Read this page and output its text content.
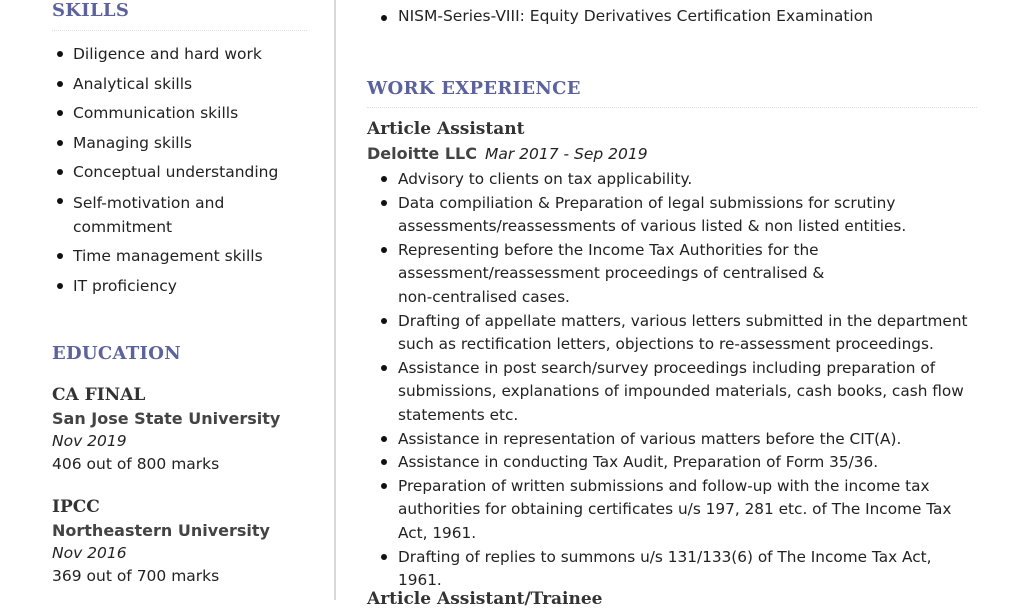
SKILLS
Diligence and hard work
Analytical skills
Communication skills
Managing skills
Conceptual understanding
Self-motivation and commitment
Time management skills
IT proficiency
EDUCATION
CA FINAL
San Jose State University
Nov 2019
406 out of 800 marks
IPCC
Northeastern University
Nov 2016
369 out of 700 marks
NISM-Series-VIII: Equity Derivatives Certification Examination
WORK EXPERIENCE
Article Assistant
Deloitte LLC Mar 2017 - Sep 2019
Advisory to clients on tax applicability.
Data compiliation & Preparation of legal submissions for scrutiny assessments/reassessments of various listed & non listed entities.
Representing before the Income Tax Authorities for the assessment/reassessment proceedings of centralised & non-centralised cases.
Drafting of appellate matters, various letters submitted in the department such as rectification letters, objections to re-assessment proceedings.
Assistance in post search/survey proceedings including preparation of submissions, explanations of impounded materials, cash books, cash flow statements etc.
Assistance in representation of various matters before the CIT(A).
Assistance in conducting Tax Audit, Preparation of Form 35/36.
Preparation of written submissions and follow-up with the income tax authorities for obtaining certificates u/s 197, 281 etc. of The Income Tax Act, 1961.
Drafting of replies to summons u/s 131/133(6) of The Income Tax Act, 1961.
Article Assistant/Trainee
